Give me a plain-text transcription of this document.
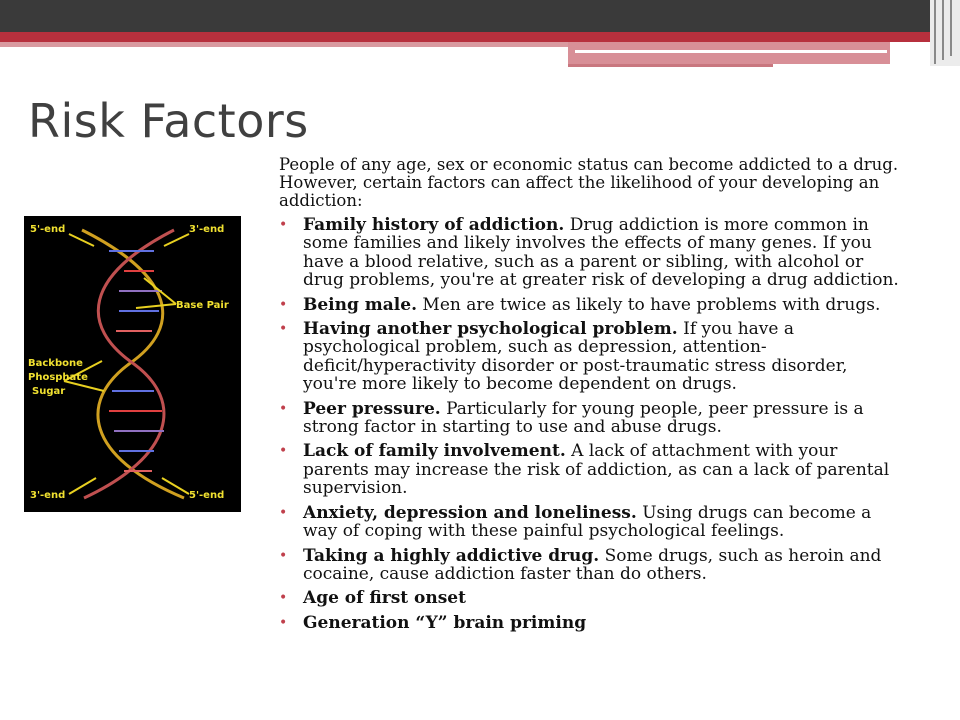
Risk Factors
5'-end	3'-end
Base Pair
Backbone
Phosphate
Sugar
3'-end	5'-end

People of any age, sex or economic status can become addicted to a drug. However, certain factors can affect the likelihood of your developing an addiction:

• Family history of addiction. Drug addiction is more common in some families and likely involves the effects of many genes. If you have a blood relative, such as a parent or sibling, with alcohol or drug problems, you're at greater risk of developing a drug addiction.
• Being male. Men are twice as likely to have problems with drugs.
• Having another psychological problem. If you have a psychological problem, such as depression, attention-deficit/hyperactivity disorder or post-traumatic stress disorder, you're more likely to become dependent on drugs.
• Peer pressure. Particularly for young people, peer pressure is a strong factor in starting to use and abuse drugs.
• Lack of family involvement. A lack of attachment with your parents may increase the risk of addiction, as can a lack of parental supervision.
• Anxiety, depression and loneliness. Using drugs can become a way of coping with these painful psychological feelings.
• Taking a highly addictive drug. Some drugs, such as heroin and cocaine, cause addiction faster than do others.
• Age of first onset
• Generation “Y” brain priming
